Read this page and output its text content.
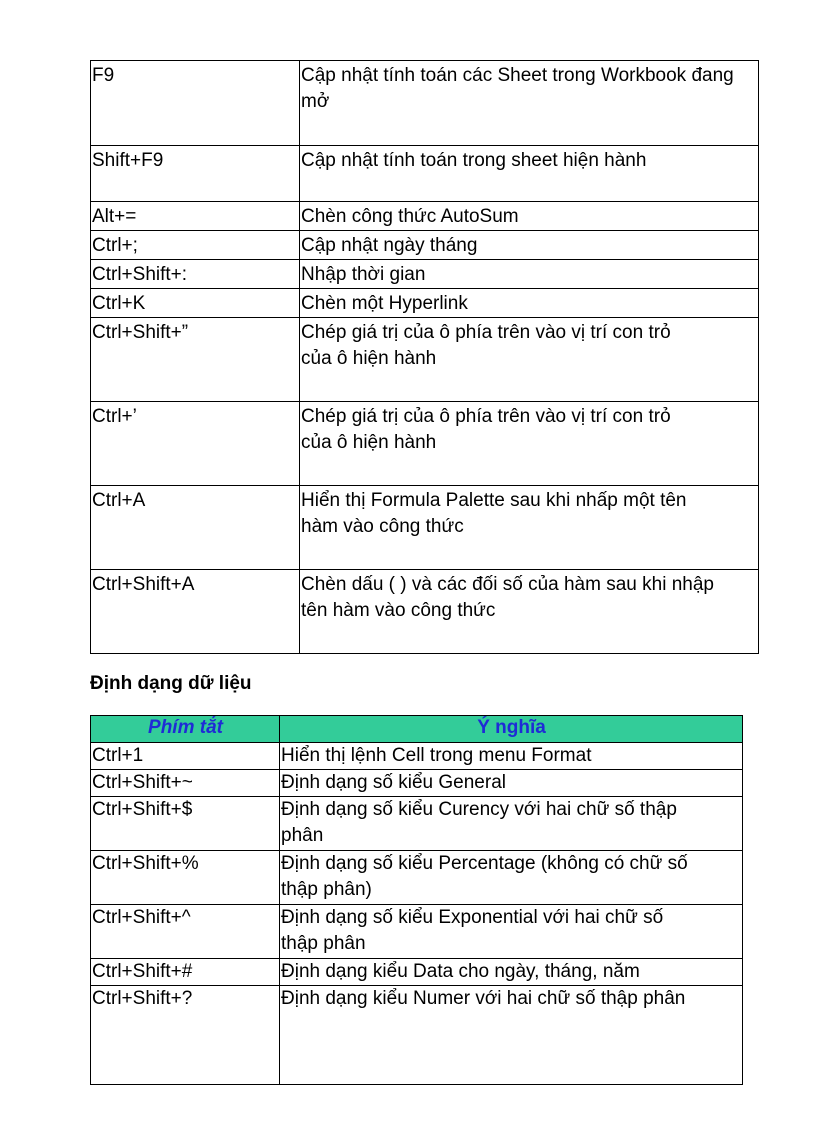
F9	Cập nhật tính toán các Sheet trong Workbook đang mở
Shift+F9	Cập nhật tính toán trong sheet hiện hành
Alt+=	Chèn công thức AutoSum
Ctrl+;	Cập nhật ngày tháng
Ctrl+Shift+:	Nhập thời gian
Ctrl+K	Chèn một Hyperlink
Ctrl+Shift+”	Chép giá trị của ô phía trên vào vị trí con trỏ của ô hiện hành
Ctrl+’	Chép giá trị của ô phía trên vào vị trí con trỏ của ô hiện hành
Ctrl+A	Hiển thị Formula Palette sau khi nhấp một tên hàm vào công thức
Ctrl+Shift+A	Chèn dấu ( ) và các đối số của hàm sau khi nhập tên hàm vào công thức
Định dạng dữ liệu
Phím tắt	Ý nghĩa
Ctrl+1	Hiển thị lệnh Cell trong menu Format
Ctrl+Shift+~	Định dạng số kiểu General
Ctrl+Shift+$	Định dạng số kiểu Curency với hai chữ số thập phân
Ctrl+Shift+%	Định dạng số kiểu Percentage (không có chữ số thập phân)
Ctrl+Shift+^	Định dạng số kiểu Exponential với hai chữ số thập phân
Ctrl+Shift+#	Định dạng kiểu Data cho ngày, tháng, năm
Ctrl+Shift+?	Định dạng kiểu Numer với hai chữ số thập phân
